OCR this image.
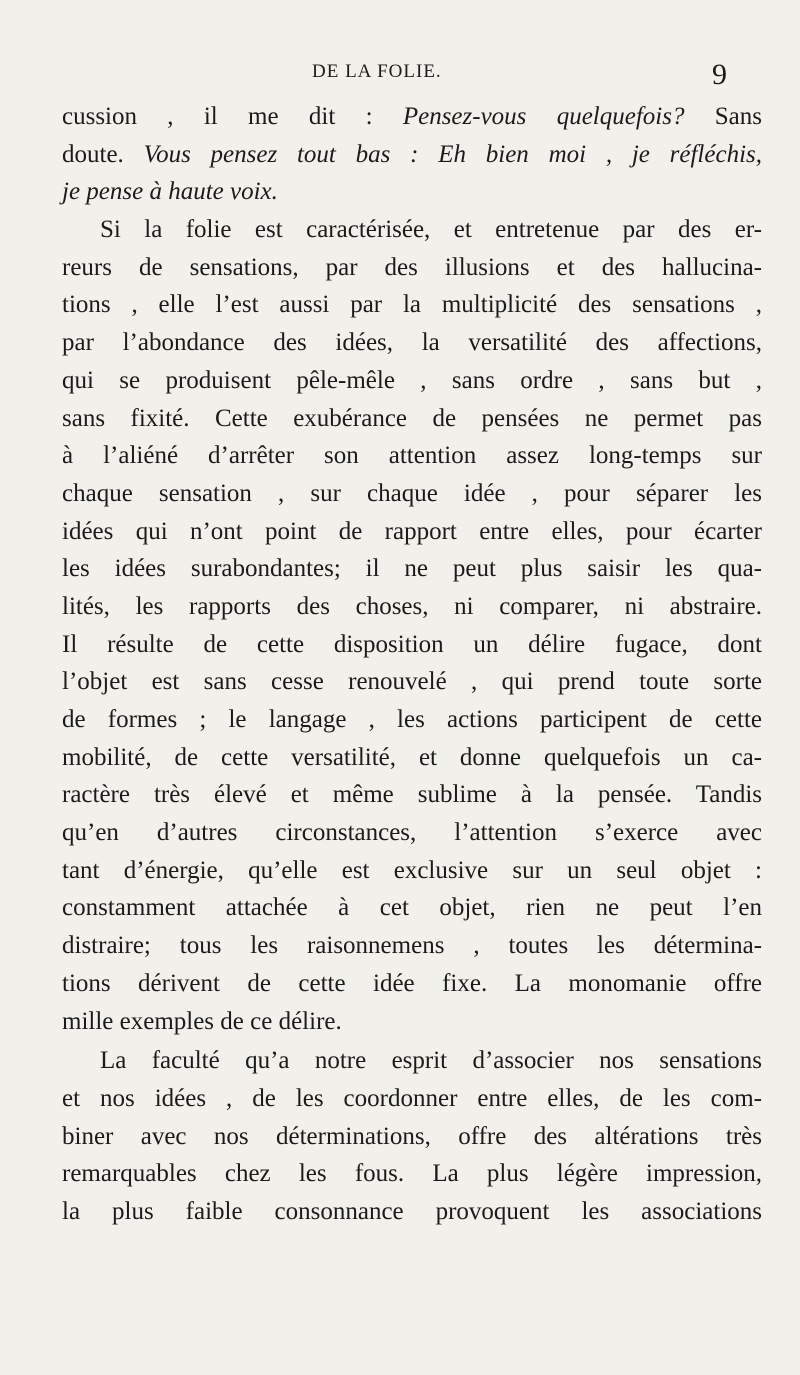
DE LA FOLIE.	9
cussion , il me dit : Pensez-vous quelquefois? Sans
doute. Vous pensez tout bas : Eh bien moi , je réfléchis,
je pense à haute voix.
Si la folie est caractérisée, et entretenue par des er-
reurs de sensations, par des illusions et des hallucina-
tions , elle l’est aussi par la multiplicité des sensations ,
par l’abondance des idées, la versatilité des affections,
qui se produisent pêle-mêle , sans ordre , sans but ,
sans fixité. Cette exubérance de pensées ne permet pas
à l’aliéné d’arrêter son attention assez long-temps sur
chaque sensation , sur chaque idée , pour séparer les
idées qui n’ont point de rapport entre elles, pour écarter
les idées surabondantes; il ne peut plus saisir les qua-
lités, les rapports des choses, ni comparer, ni abstraire.
Il résulte de cette disposition un délire fugace, dont
l’objet est sans cesse renouvelé , qui prend toute sorte
de formes ; le langage , les actions participent de cette
mobilité, de cette versatilité, et donne quelquefois un ca-
ractère très élevé et même sublime à la pensée. Tandis
qu’en d’autres circonstances, l’attention s’exerce avec
tant d’énergie, qu’elle est exclusive sur un seul objet :
constamment attachée à cet objet, rien ne peut l’en
distraire; tous les raisonnemens , toutes les détermina-
tions dérivent de cette idée fixe. La monomanie offre
mille exemples de ce délire.
La faculté qu’a notre esprit d’associer nos sensations
et nos idées , de les coordonner entre elles, de les com-
biner avec nos déterminations, offre des altérations très
remarquables chez les fous. La plus légère impression,
la plus faible consonnance provoquent les associations
